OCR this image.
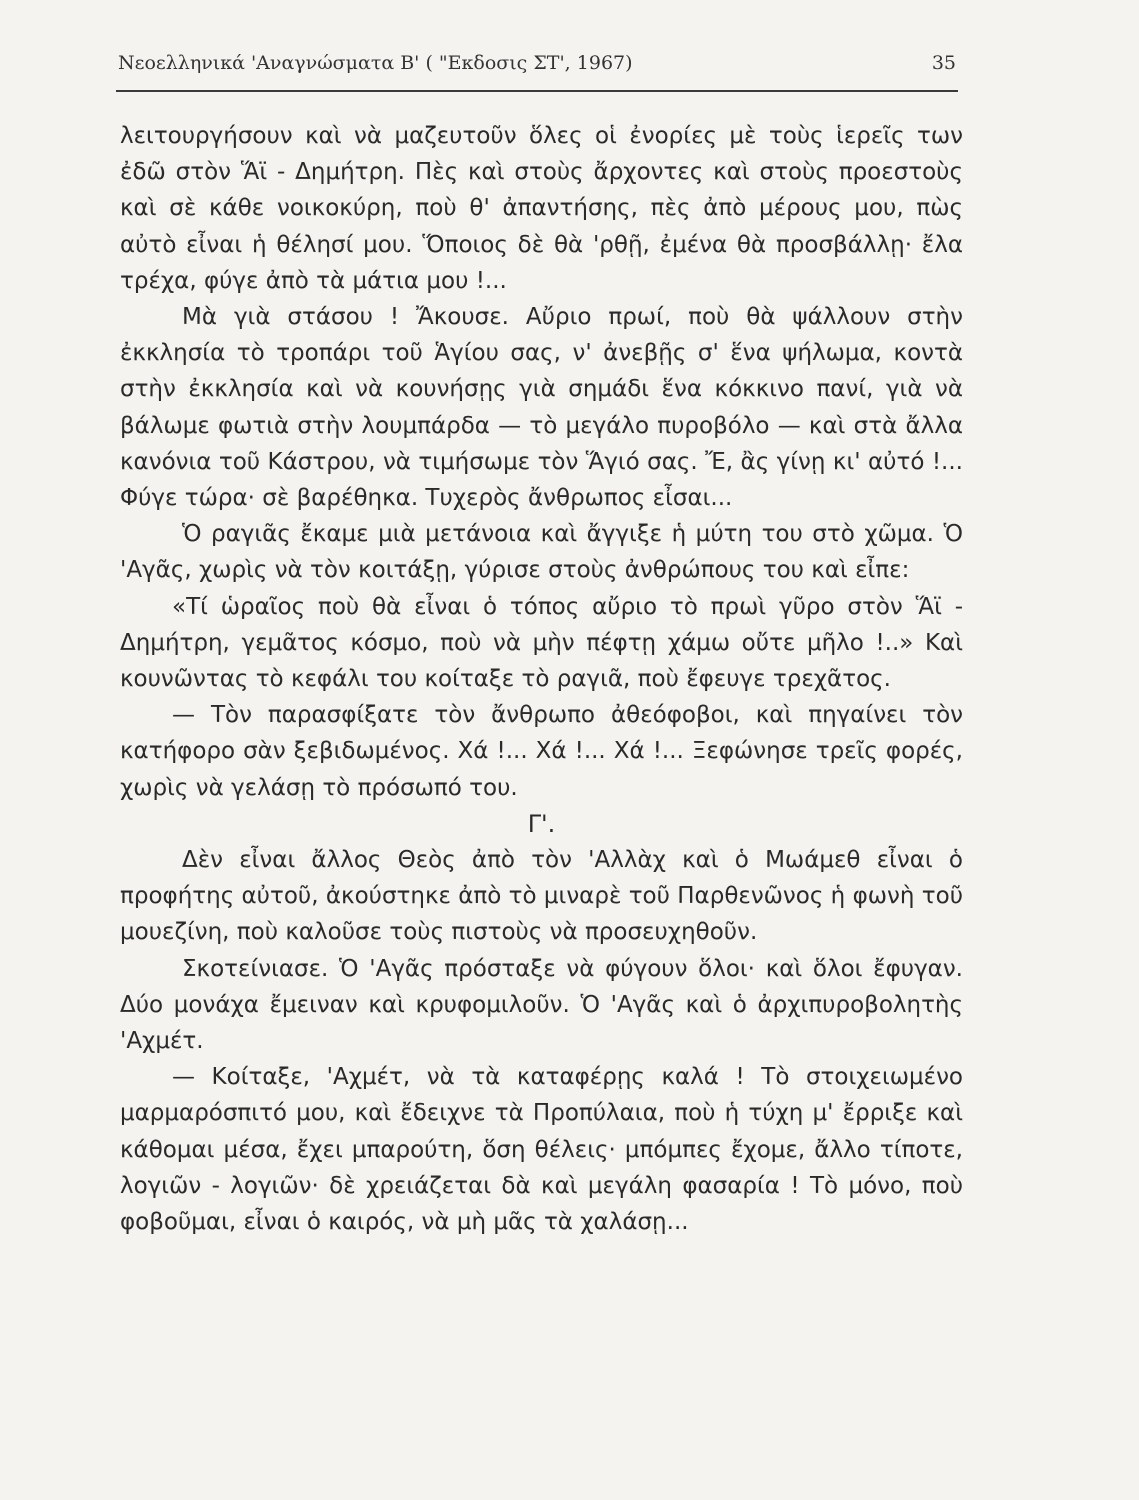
Νεοελληνικά 'Αναγνώσματα Β' ( "Εκδοσις ΣΤ', 1967)	35

λειτουργήσουν καὶ νὰ μαζευτοῦν ὅλες οἱ ἐνορίες μὲ τοὺς ἱερεῖς των ἐδῶ στὸν Ἅϊ - Δημήτρη. Πὲς καὶ στοὺς ἄρχοντες καὶ στοὺς προεστοὺς καὶ σὲ κάθε νοικοκύρη, ποὺ θ' ἀπαντήσης, πὲς ἀπὸ μέρους μου, πὼς αὐτὸ εἶναι ἡ θέλησί μου. Ὅποιος δὲ θὰ 'ρθῇ, ἐμένα θὰ προσβάλλῃ· ἔλα τρέχα, φύγε ἀπὸ τὰ μάτια μου !...

Μὰ γιὰ στάσου ! Ἄκουσε. Αὔριο πρωί, ποὺ θὰ ψάλλουν στὴν ἐκκλησία τὸ τροπάρι τοῦ Ἁγίου σας, ν' ἀνεβῇς σ' ἕνα ψήλωμα, κοντὰ στὴν ἐκκλησία καὶ νὰ κουνήσῃς γιὰ σημάδι ἕνα κόκκινο πανί, γιὰ νὰ βάλωμε φωτιὰ στὴν λουμπάρδα — τὸ μεγάλο πυροβόλο — καὶ στὰ ἄλλα κανόνια τοῦ Κάστρου, νὰ τιμήσωμε τὸν Ἅγιό σας. Ἔ, ἂς γίνῃ κι' αὐτό !... Φύγε τώρα· σὲ βαρέθηκα. Τυχερὸς ἄνθρωπος εἶσαι...

Ὁ ραγιᾶς ἔκαμε μιὰ μετάνοια καὶ ἄγγιξε ἡ μύτη του στὸ χῶμα. Ὁ 'Αγᾶς, χωρὶς νὰ τὸν κοιτάξῃ, γύρισε στοὺς ἀνθρώπους του καὶ εἶπε:

«Τί ὡραῖος ποὺ θὰ εἶναι ὁ τόπος αὔριο τὸ πρωὶ γῦρο στὸν Ἅϊ - Δημήτρη, γεμᾶτος κόσμο, ποὺ νὰ μὴν πέφτῃ χάμω οὔτε μῆλο !..» Καὶ κουνῶντας τὸ κεφάλι του κοίταξε τὸ ραγιᾶ, ποὺ ἔφευγε τρεχᾶτος.

— Τὸν παρασφίξατε τὸν ἄνθρωπο ἀθεόφοβοι, καὶ πηγαίνει τὸν κατήφορο σὰν ξεβιδωμένος. Χά !... Χά !... Χά !... Ξεφώνησε τρεῖς φορές, χωρὶς νὰ γελάσῃ τὸ πρόσωπό του.

Γ'.

Δὲν εἶναι ἄλλος Θεὸς ἀπὸ τὸν 'Αλλὰχ καὶ ὁ Μωάμεθ εἶναι ὁ προφήτης αὐτοῦ, ἀκούστηκε ἀπὸ τὸ μιναρὲ τοῦ Παρθενῶνος ἡ φωνὴ τοῦ μουεζίνη, ποὺ καλοῦσε τοὺς πιστοὺς νὰ προσευχηθοῦν.

Σκοτείνιασε. Ὁ 'Αγᾶς πρόσταξε νὰ φύγουν ὅλοι· καὶ ὅλοι ἔφυγαν. Δύο μονάχα ἔμειναν καὶ κρυφομιλοῦν. Ὁ 'Αγᾶς καὶ ὁ ἀρχιπυροβολητὴς 'Αχμέτ.

— Κοίταξε, 'Αχμέτ, νὰ τὰ καταφέρῃς καλά ! Τὸ στοιχειωμένο μαρμαρόσπιτό μου, καὶ ἔδειχνε τὰ Προπύλαια, ποὺ ἡ τύχη μ' ἔρριξε καὶ κάθομαι μέσα, ἔχει μπαρούτη, ὅση θέλεις· μπόμπες ἔχομε, ἄλλο τίποτε, λογιῶν - λογιῶν· δὲ χρειάζεται δὰ καὶ μεγάλη φασαρία ! Τὸ μόνο, ποὺ φοβοῦμαι, εἶναι ὁ καιρός, νὰ μὴ μᾶς τὰ χαλάσῃ...
